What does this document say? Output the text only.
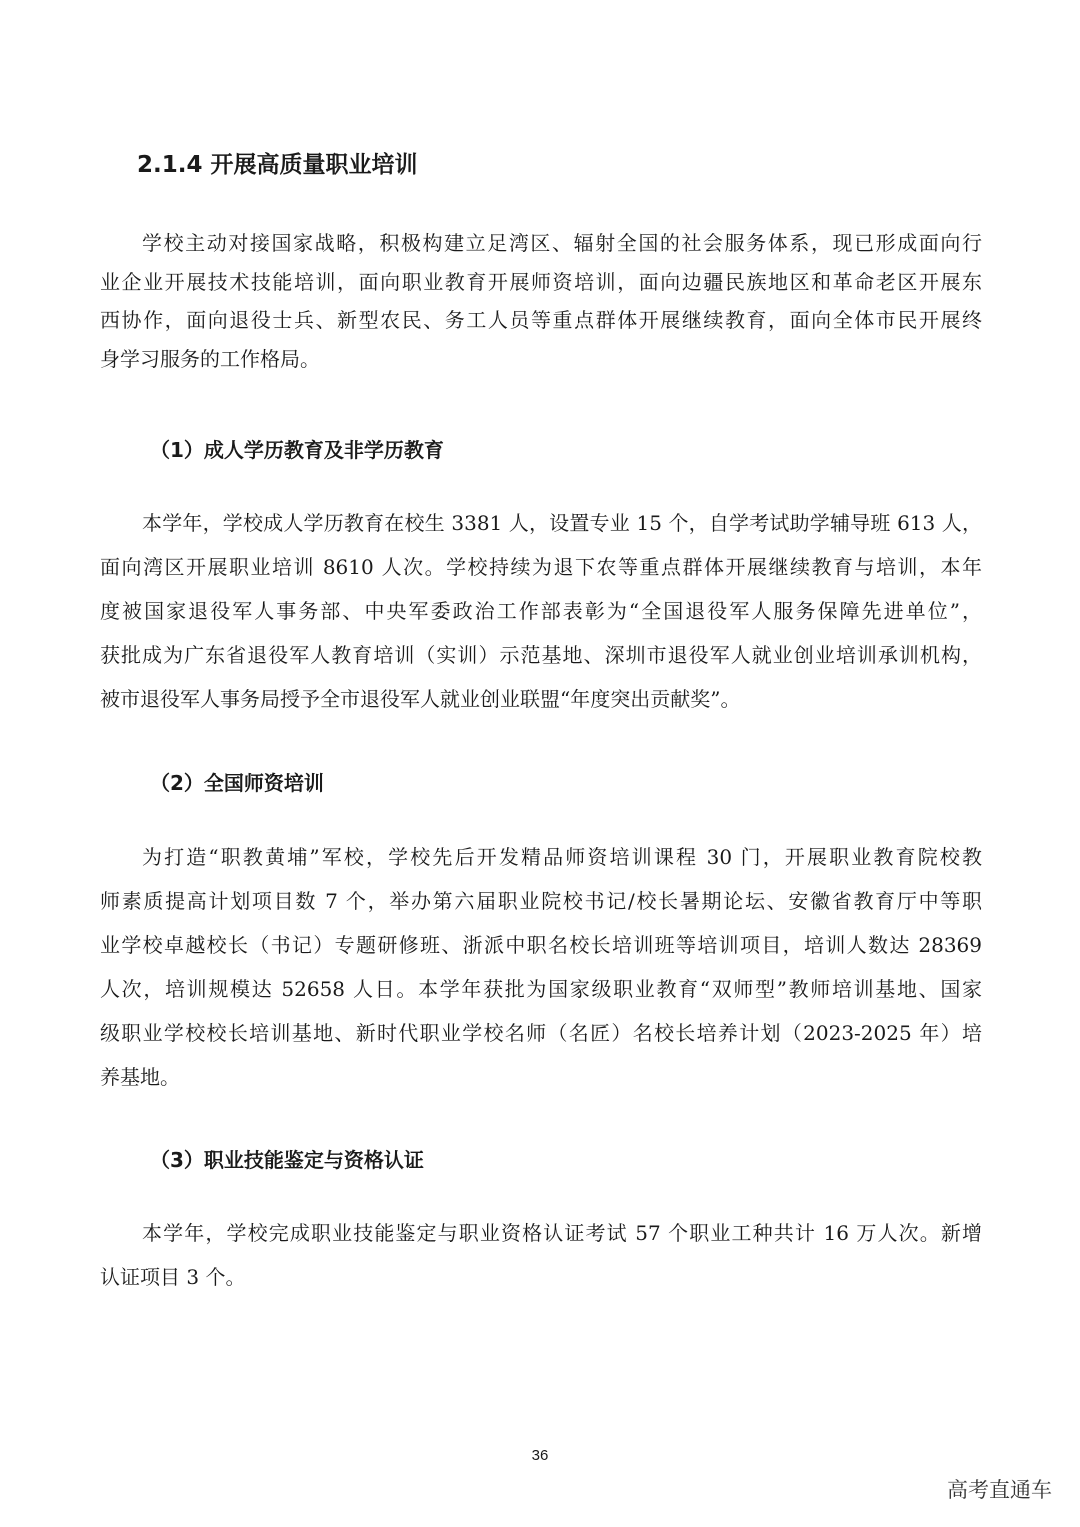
2.1.4 开展高质量职业培训
学校主动对接国家战略，积极构建立足湾区、辐射全国的社会服务体系，现已形成面向行
业企业开展技术技能培训，面向职业教育开展师资培训，面向边疆民族地区和革命老区开展东
西协作，面向退役士兵、新型农民、务工人员等重点群体开展继续教育，面向全体市民开展终
身学习服务的工作格局。
（1）成人学历教育及非学历教育
本学年，学校成人学历教育在校生 3381 人，设置专业 15 个，自学考试助学辅导班 613 人，
面向湾区开展职业培训 8610 人次。学校持续为退下农等重点群体开展继续教育与培训，本年
度被国家退役军人事务部、中央军委政治工作部表彰为“全国退役军人服务保障先进单位”，
获批成为广东省退役军人教育培训（实训）示范基地、深圳市退役军人就业创业培训承训机构，
被市退役军人事务局授予全市退役军人就业创业联盟“年度突出贡献奖”。
（2）全国师资培训
为打造“职教黄埔”军校，学校先后开发精品师资培训课程 30 门，开展职业教育院校教
师素质提高计划项目数 7 个，举办第六届职业院校书记/校长暑期论坛、安徽省教育厅中等职
业学校卓越校长（书记）专题研修班、浙派中职名校长培训班等培训项目，培训人数达 28369
人次，培训规模达 52658 人日。本学年获批为国家级职业教育“双师型”教师培训基地、国家
级职业学校校长培训基地、新时代职业学校名师（名匠）名校长培养计划（2023-2025 年）培
养基地。
（3）职业技能鉴定与资格认证
本学年，学校完成职业技能鉴定与职业资格认证考试 57 个职业工种共计 16 万人次。新增
认证项目 3 个。
36
高考直通车
